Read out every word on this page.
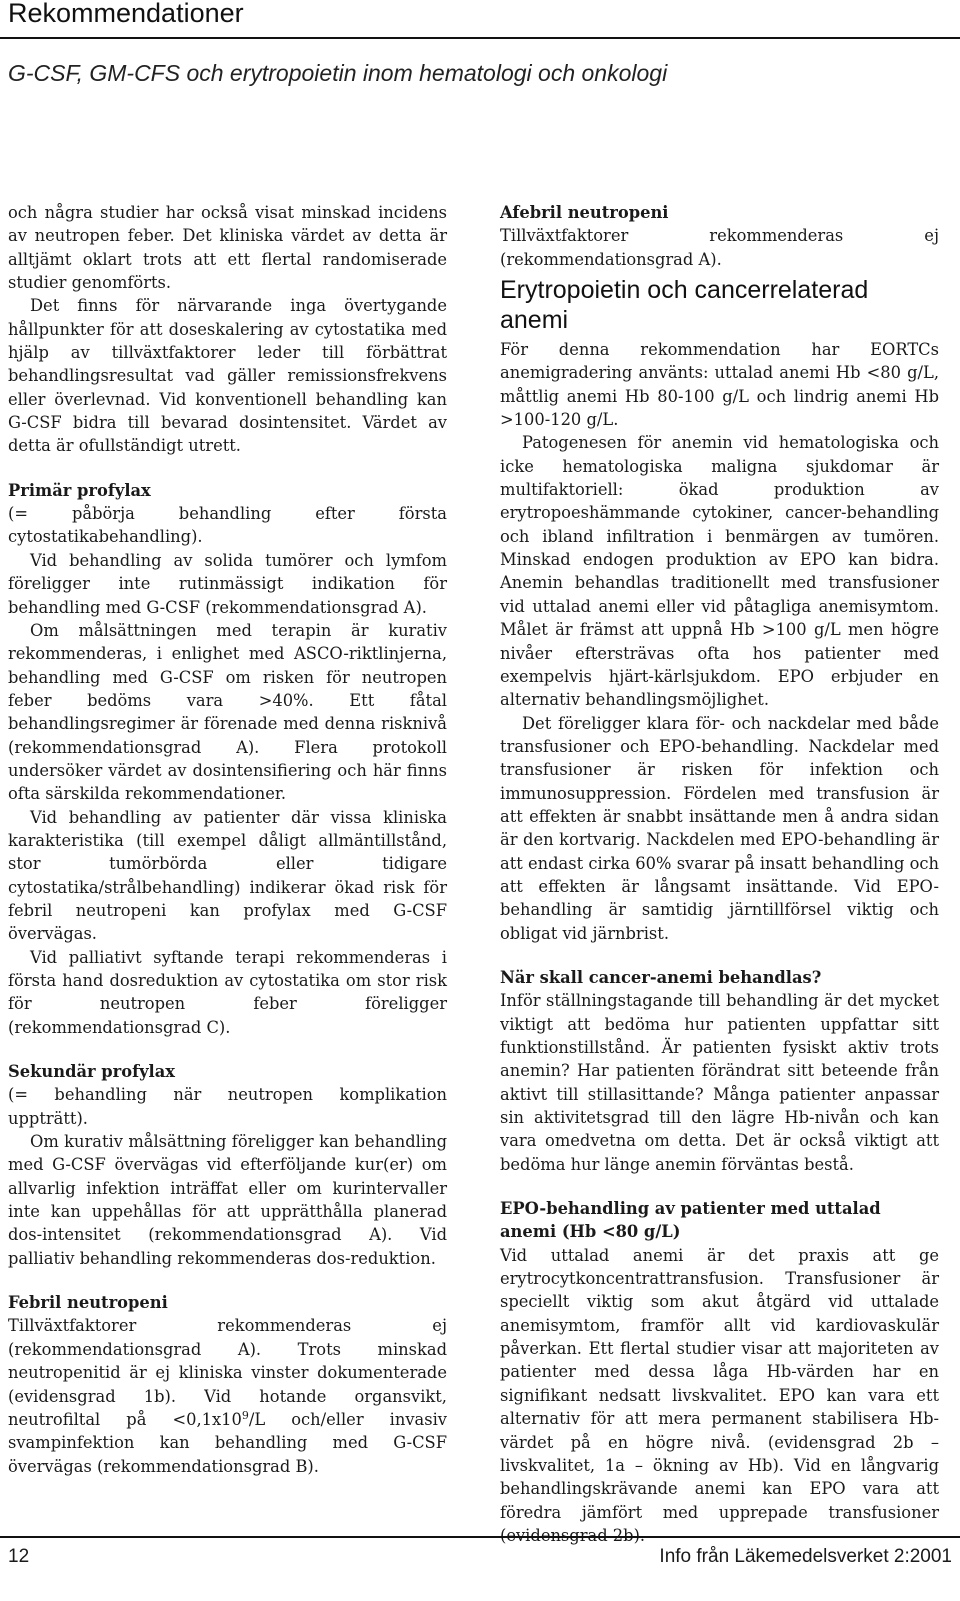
Rekommendationer
G-CSF, GM-CFS och erytropoietin inom hematologi och onkologi

och några studier har också visat minskad incidens av neutropen feber. Det kliniska värdet av detta är alltjämt oklart trots att ett flertal randomiserade studier genomförts.

Det finns för närvarande inga övertygande hållpunkter för att doseskalering av cytostatika med hjälp av tillväxtfaktorer leder till förbättrat behandlingsresultat vad gäller remissionsfrekvens eller överlevnad. Vid konventionell behandling kan G-CSF bidra till bevarad dosintensitet. Värdet av detta är ofullständigt utrett.

Primär profylax

(= påbörja behandling efter första cytostatikabehandling).

Vid behandling av solida tumörer och lymfom föreligger inte rutinmässigt indikation för behandling med G-CSF (rekommendationsgrad A).

Om målsättningen med terapin är kurativ rekommenderas, i enlighet med ASCO-riktlinjerna, behandling med G-CSF om risken för neutropen feber bedöms vara >40%. Ett fåtal behandlingsregimer är förenade med denna risknivå (rekommendationsgrad A). Flera protokoll undersöker värdet av dosintensifiering och här finns ofta särskilda rekommendationer.

Vid behandling av patienter där vissa kliniska karakteristika (till exempel dåligt allmäntillstånd, stor tumörbörda eller tidigare cytostatika/strålbehandling) indikerar ökad risk för febril neutropeni kan profylax med G-CSF övervägas.

Vid palliativt syftande terapi rekommenderas i första hand dosreduktion av cytostatika om stor risk för neutropen feber föreligger (rekommendationsgrad C).

Sekundär profylax

(= behandling när neutropen komplikation uppträtt).

Om kurativ målsättning föreligger kan behandling med G-CSF övervägas vid efterföljande kur(er) om allvarlig infektion inträffat eller om kurintervaller inte kan uppehållas för att upprätthålla planerad dos-intensitet (rekommendationsgrad A). Vid palliativ behandling rekommenderas dos-reduktion.

Febril neutropeni

Tillväxtfaktorer rekommenderas ej (rekommendationsgrad A). Trots minskad neutropenitid är ej kliniska vinster dokumenterade (evidensgrad 1b). Vid hotande organsvikt, neutrofiltal på $<0,1x10^9/L$ och/eller invasiv svampinfektion kan behandling med G-CSF övervägas (rekommendationsgrad B).

Afebril neutropeni

Tillväxtfaktorer rekommenderas ej (rekommendationsgrad A).

Erytropoietin och cancerrelaterad anemi

För denna rekommendation har EORTCs anemigradering använts: uttalad anemi Hb <80 g/L, måttlig anemi Hb 80-100 g/L och lindrig anemi Hb >100-120 g/L.

Patogenesen för anemin vid hematologiska och icke hematologiska maligna sjukdomar är multifaktoriell: ökad produktion av erytropoeshämmande cytokiner, cancer-behandling och ibland infiltration i benmärgen av tumören. Minskad endogen produktion av EPO kan bidra. Anemin behandlas traditionellt med transfusioner vid uttalad anemi eller vid påtagliga anemisymtom. Målet är främst att uppnå Hb >100 g/L men högre nivåer eftersträvas ofta hos patienter med exempelvis hjärt-kärlsjukdom. EPO erbjuder en alternativ behandlingsmöjlighet.

Det föreligger klara för- och nackdelar med både transfusioner och EPO-behandling. Nackdelar med transfusioner är risken för infektion och immunosuppression. Fördelen med transfusion är att effekten är snabbt insättande men å andra sidan är den kortvarig. Nackdelen med EPO-behandling är att endast cirka 60% svarar på insatt behandling och att effekten är långsamt insättande. Vid EPO-behandling är samtidig järntillförsel viktig och obligat vid järnbrist.

När skall cancer-anemi behandlas?

Inför ställningstagande till behandling är det mycket viktigt att bedöma hur patienten uppfattar sitt funktionstillstånd. Är patienten fysiskt aktiv trots anemin? Har patienten förändrat sitt beteende från aktivt till stillasittande? Många patienter anpassar sin aktivitetsgrad till den lägre Hb-nivån och kan vara omedvetna om detta. Det är också viktigt att bedöma hur länge anemin förväntas bestå.

EPO-behandling av patienter med uttalad anemi (Hb <80 g/L)

Vid uttalad anemi är det praxis att ge erytrocytkoncentrattransfusion. Transfusioner är speciellt viktig som akut åtgärd vid uttalade anemisymtom, framför allt vid kardiovaskulär påverkan. Ett flertal studier visar att majoriteten av patienter med dessa låga Hb-värden har en signifikant nedsatt livskvalitet. EPO kan vara ett alternativ för att mera permanent stabilisera Hb-värdet på en högre nivå. (evidensgrad 2b – livskvalitet, 1a – ökning av Hb). Vid en långvarig behandlingskrävande anemi kan EPO vara att föredra jämfört med upprepade transfusioner

12	Info från Läkemedelsverket 2:2001
